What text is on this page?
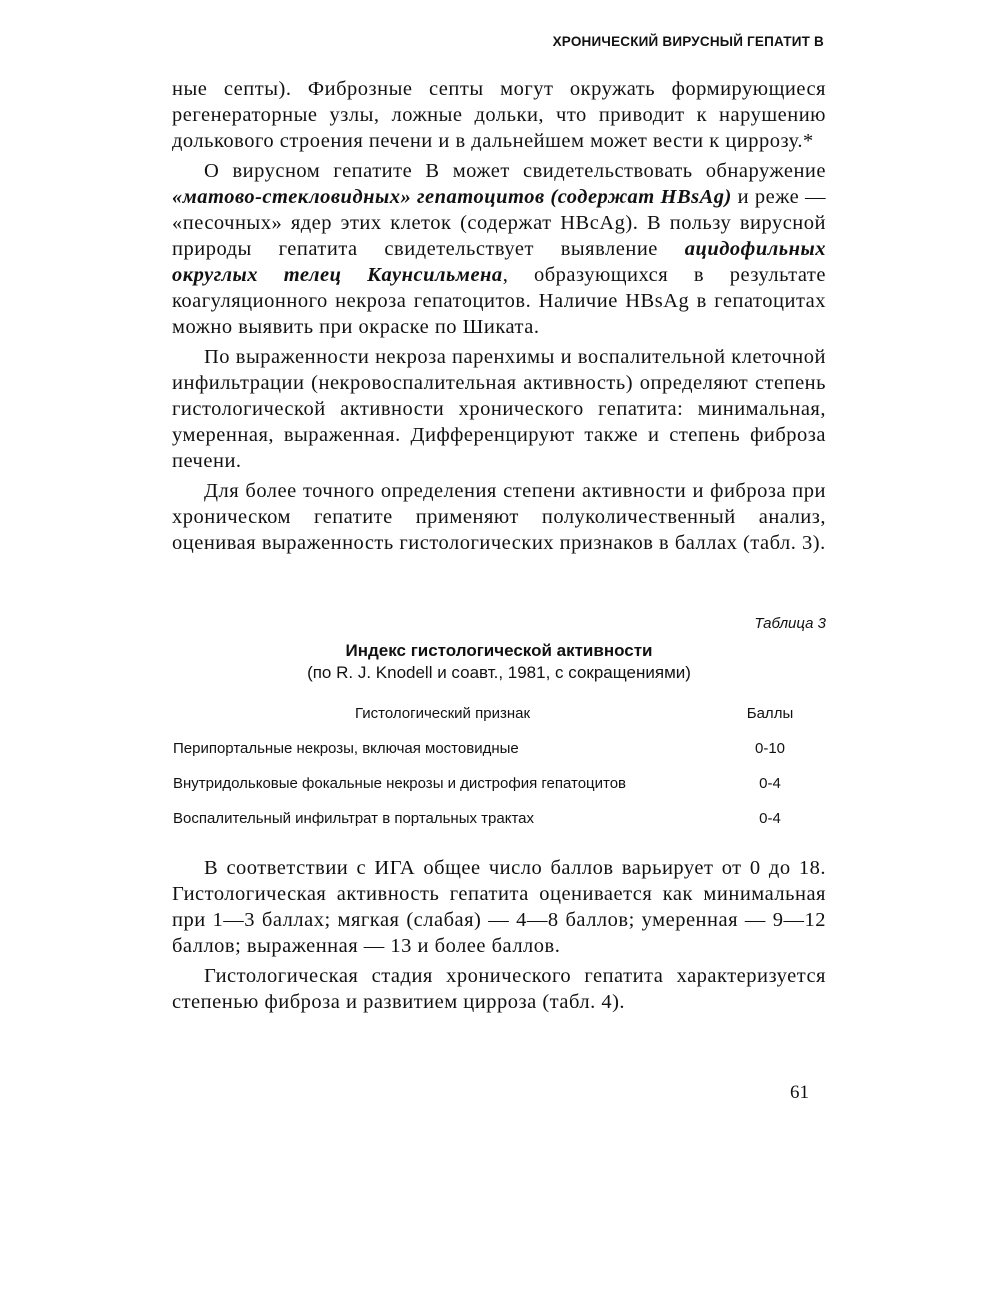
ХРОНИЧЕСКИЙ ВИРУСНЫЙ ГЕПАТИТ В

ные септы). Фиброзные септы могут окружать формирующиеся регенераторные узлы, ложные дольки, что приводит к нарушению долькового строения печени и в дальнейшем может вести к циррозу.*

О вирусном гепатите В может свидетельствовать обнаружение «матово-стекловидных» гепатоцитов (содержат HBsAg) и реже — «песочных» ядер этих клеток (содержат HBcAg). В пользу вирусной природы гепатита свидетельствует выявление ацидофильных округлых телец Каунсильмена, образующихся в результате коагуляционного некроза гепатоцитов. Наличие HBsAg в гепатоцитах можно выявить при окраске по Шиката.

По выраженности некроза паренхимы и воспалительной клеточной инфильтрации (некровоспалительная активность) определяют степень гистологической активности хронического гепатита: минимальная, умеренная, выраженная. Дифференцируют также и степень фиброза печени.

Для более точного определения степени активности и фиброза при хроническом гепатите применяют полуколичественный анализ, оценивая выраженность гистологических признаков в баллах (табл. 3).

Таблица 3
Индекс гистологической активности
(по R. J. Knodell и соавт., 1981, с сокращениями)
Гистологический признак	Баллы
Перипортальные некрозы, включая мостовидные	0-10
Внутридольковые фокальные некрозы и дистрофия гепатоцитов	0-4
Воспалительный инфильтрат в портальных трактах	0-4

В соответствии с ИГА общее число баллов варьирует от 0 до 18. Гистологическая активность гепатита оценивается как минимальная при 1—3 баллах; мягкая (слабая) — 4—8 баллов; умеренная — 9—12 баллов; выраженная — 13 и более баллов.

Гистологическая стадия хронического гепатита характеризуется степенью фиброза и развитием цирроза (табл. 4).

61
